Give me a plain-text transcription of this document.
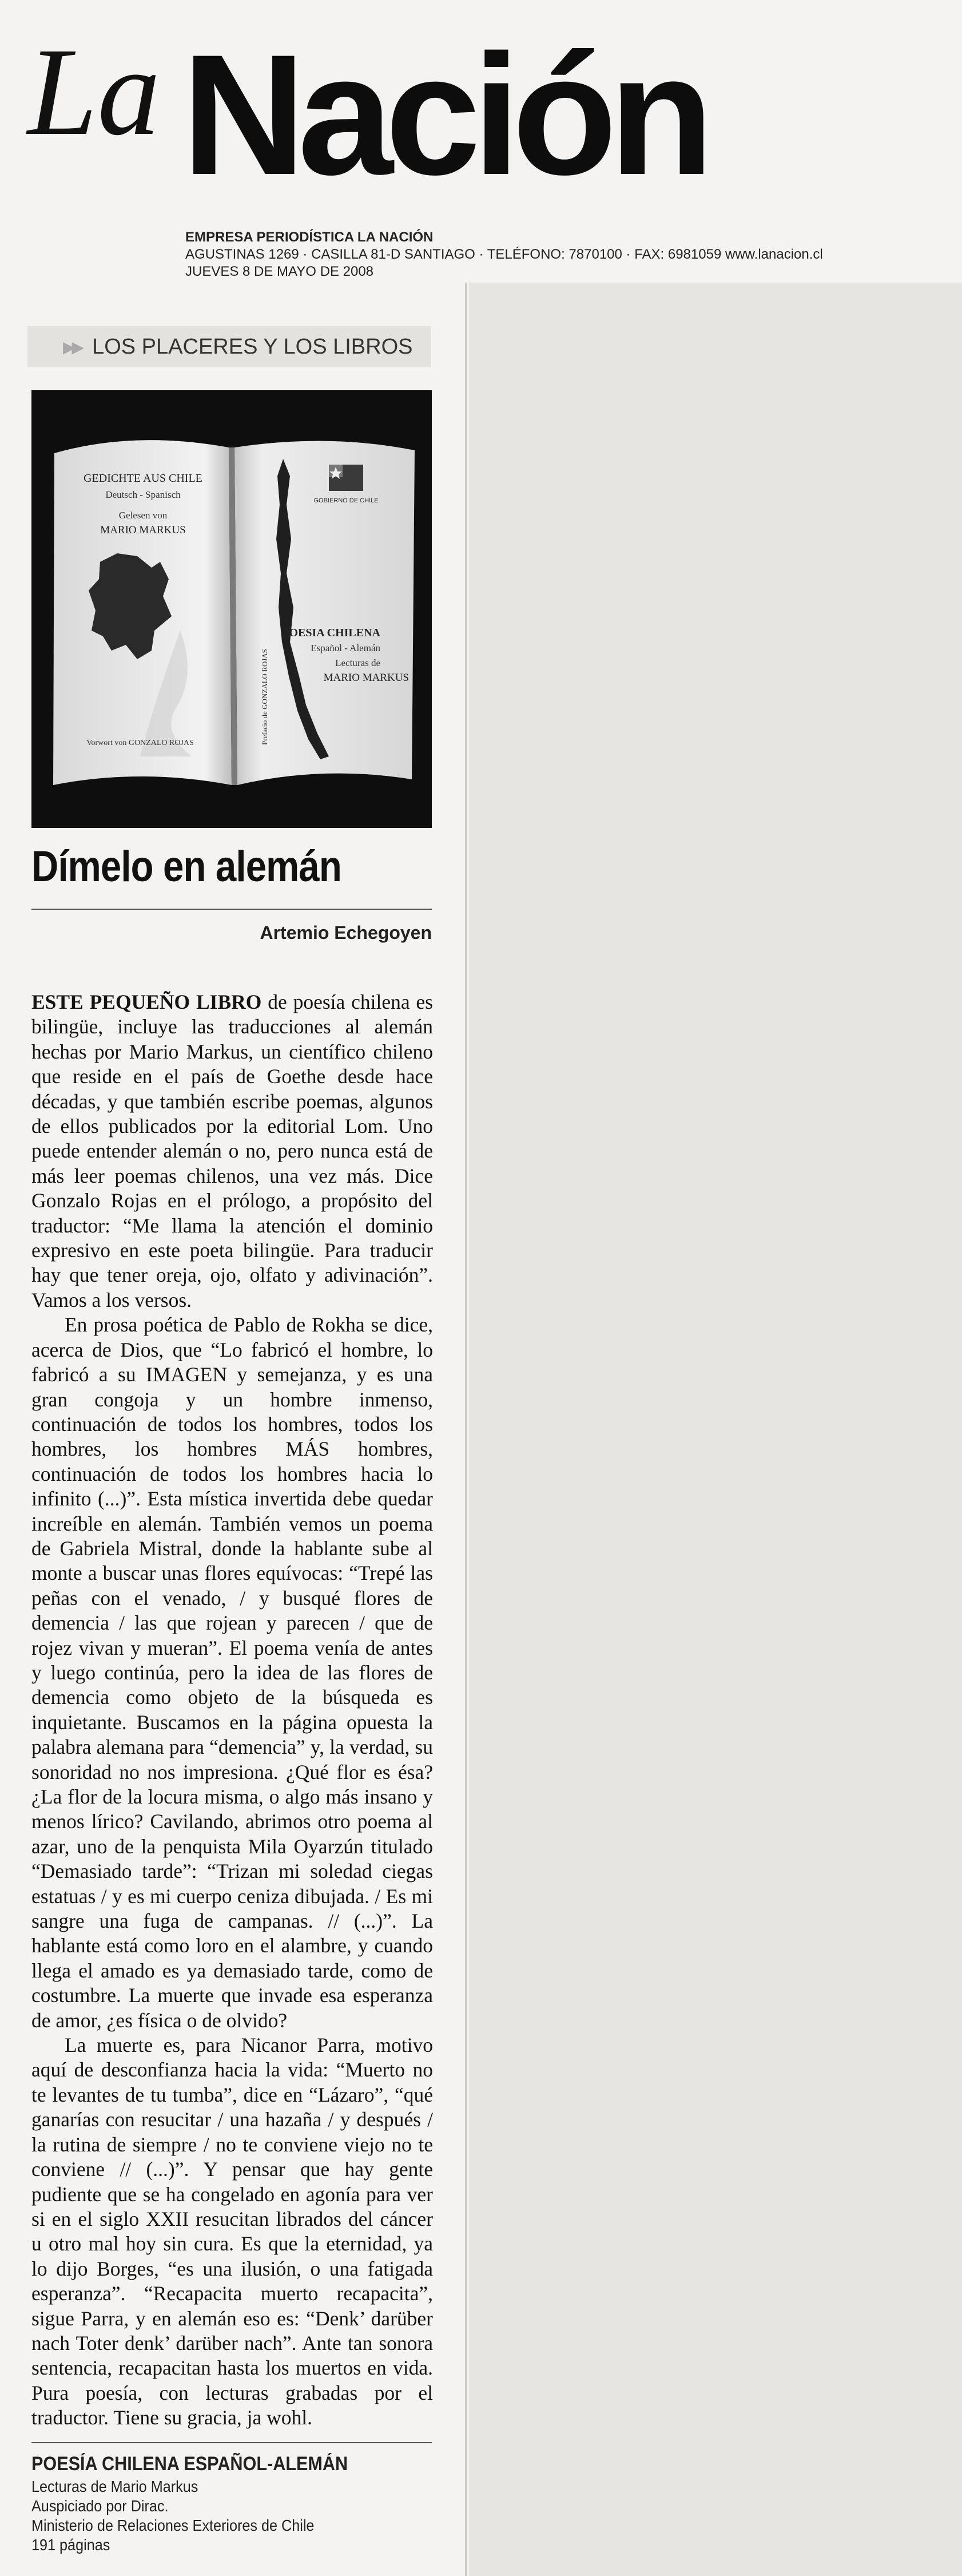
La Nación
EMPRESA PERIODÍSTICA LA NACIÓN
AGUSTINAS 1269 · CASILLA 81-D SANTIAGO · TELÉFONO: 7870100 · FAX: 6981059 www.lanacion.cl
JUEVES 8 DE MAYO DE 2008
▶▶ LOS PLACERES Y LOS LIBROS
GEDICHTE AUS CHILE
Deutsch - Spanisch
Gelesen von
MARIO MARKUS
Vorwort von GONZALO ROJAS
GOBIERNO DE CHILE
POESIA CHILENA
Español - Alemán
Lecturas de
MARIO MARKUS
Prefacio de GONZALO ROJAS
Dímelo en alemán
Artemio Echegoyen

ESTE PEQUEÑO LIBRO de poesía chilena es bilingüe, incluye las traducciones al alemán hechas por Mario Markus, un científico chileno que reside en el país de Goethe desde hace décadas, y que también escribe poemas, algunos de ellos publicados por la editorial Lom. Uno puede entender alemán o no, pero nunca está de más leer poemas chilenos, una vez más. Dice Gonzalo Rojas en el prólogo, a propósito del traductor: “Me llama la atención el dominio expresivo en este poeta bilingüe. Para traducir hay que tener oreja, ojo, olfato y adivinación”. Vamos a los versos.

En prosa poética de Pablo de Rokha se dice, acerca de Dios, que “Lo fabricó el hombre, lo fabricó a su IMAGEN y semejanza, y es una gran congoja y un hombre inmenso, continuación de todos los hombres, todos los hombres, los hombres MÁS hombres, continuación de todos los hombres hacia lo infinito (...)”. Esta mística invertida debe quedar increíble en alemán. También vemos un poema de Gabriela Mistral, donde la hablante sube al monte a buscar unas flores equívocas: “Trepé las peñas con el venado, / y busqué flores de demencia / las que rojean y parecen / que de rojez vivan y mueran”. El poema venía de antes y luego continúa, pero la idea de las flores de demencia como objeto de la búsqueda es inquietante. Buscamos en la página opuesta la palabra alemana para “demencia” y, la verdad, su sonoridad no nos impresiona. ¿Qué flor es ésa? ¿La flor de la locura misma, o algo más insano y menos lírico? Cavilando, abrimos otro poema al azar, uno de la penquista Mila Oyarzún titulado “Demasiado tarde”: “Trizan mi soledad ciegas estatuas / y es mi cuerpo ceniza dibujada. / Es mi sangre una fuga de campanas. // (...)”. La hablante está como loro en el alambre, y cuando llega el amado es ya demasiado tarde, como de costumbre. La muerte que invade esa esperanza de amor, ¿es física o de olvido?

La muerte es, para Nicanor Parra, motivo aquí de desconfianza hacia la vida: “Muerto no te levantes de tu tumba”, dice en “Lázaro”, “qué ganarías con resucitar / una hazaña / y después / la rutina de siempre / no te conviene viejo no te conviene // (...)”. Y pensar que hay gente pudiente que se ha congelado en agonía para ver si en el siglo XXII resucitan librados del cáncer u otro mal hoy sin cura. Es que la eternidad, ya lo dijo Borges, “es una ilusión, o una fatigada esperanza”. “Recapacita muerto recapacita”, sigue Parra, y en alemán eso es: “Denk’ darüber nach Toter denk’ darüber nach”. Ante tan sonora sentencia, recapacitan hasta los muertos en vida. Pura poesía, con lecturas grabadas por el traductor. Tiene su gracia, ja wohl.

POESÍA CHILENA ESPAÑOL-ALEMÁN
Lecturas de Mario Markus
Auspiciado por Dirac.
Ministerio de Relaciones Exteriores de Chile
191 páginas
